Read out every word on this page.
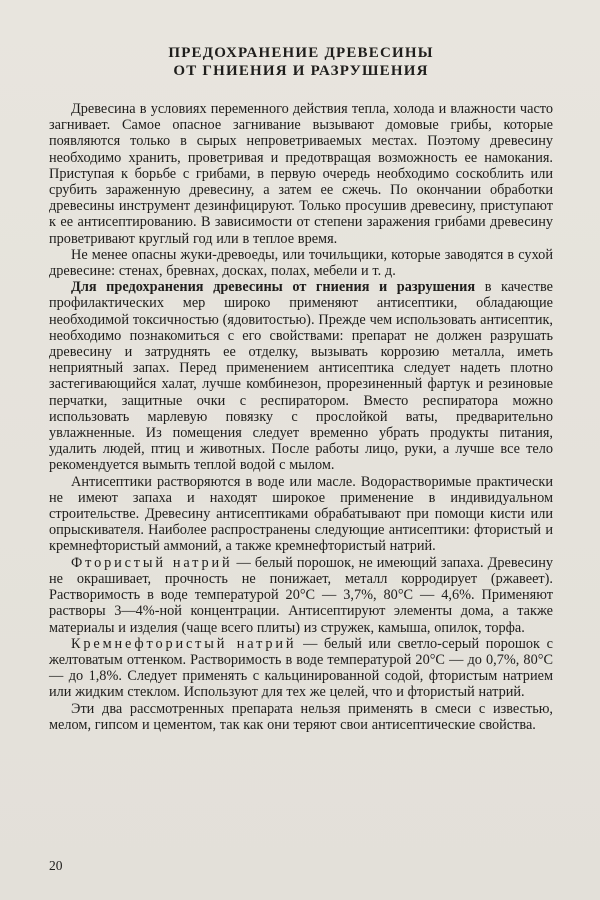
ПРЕДОХРАНЕНИЕ ДРЕВЕСИНЫ
ОТ ГНИЕНИЯ И РАЗРУШЕНИЯ

Древесина в условиях переменного действия тепла, холода и влажности часто загнивает. Самое опасное загнивание вызывают домовые грибы, которые появляются только в сырых непроветриваемых местах. Поэтому древесину необходимо хранить, проветривая и предотвращая возможность ее намокания. Приступая к борьбе с грибами, в первую очередь необходимо соскоблить или срубить зараженную древесину, а затем ее сжечь. По окончании обработки древесины инструмент дезинфицируют. Только просушив древесину, приступают к ее антисептированию. В зависимости от степени заражения грибами древесину проветривают круглый год или в теплое время.

Не менее опасны жуки-древоеды, или точильщики, которые заводятся в сухой древесине: стенах, бревнах, досках, полах, мебели и т. д.

Для предохранения древесины от гниения и разрушения в качестве профилактических мер широко применяют антисептики, обладающие необходимой токсичностью (ядовитостью). Прежде чем использовать антисептик, необходимо познакомиться с его свойствами: препарат не должен разрушать древесину и затруднять ее отделку, вызывать коррозию металла, иметь неприятный запах. Перед применением антисептика следует надеть плотно застегивающийся халат, лучше комбинезон, прорезиненный фартук и резиновые перчатки, защитные очки с респиратором. Вместо респиратора можно использовать марлевую повязку с прослойкой ваты, предварительно увлажненные. Из помещения следует временно убрать продукты питания, удалить людей, птиц и животных. После работы лицо, руки, а лучше все тело рекомендуется вымыть теплой водой с мылом.

Антисептики растворяются в воде или масле. Водорастворимые практически не имеют запаха и находят широкое применение в индивидуальном строительстве. Древесину антисептиками обрабатывают при помощи кисти или опрыскивателя. Наиболее распространены следующие антисептики: фтористый и кремнефтористый аммоний, а также кремнефтористый натрий.

Фтористый натрий — белый порошок, не имеющий запаха. Древесину не окрашивает, прочность не понижает, металл корродирует (ржавеет). Растворимость в воде температурой 20°С — 3,7%, 80°С — 4,6%. Применяют растворы 3—4%-ной концентрации. Антисептируют элементы дома, а также материалы и изделия (чаще всего плиты) из стружек, камыша, опилок, торфа.

Кремнефтористый натрий — белый или светло-серый порошок с желтоватым оттенком. Растворимость в воде температурой 20°С — до 0,7%, 80°С — до 1,8%. Следует применять с кальцинированной содой, фтористым натрием или жидким стеклом. Используют для тех же целей, что и фтористый натрий.

Эти два рассмотренных препарата нельзя применять в смеси с известью, мелом, гипсом и цементом, так как они теряют свои антисептические свойства.

20
